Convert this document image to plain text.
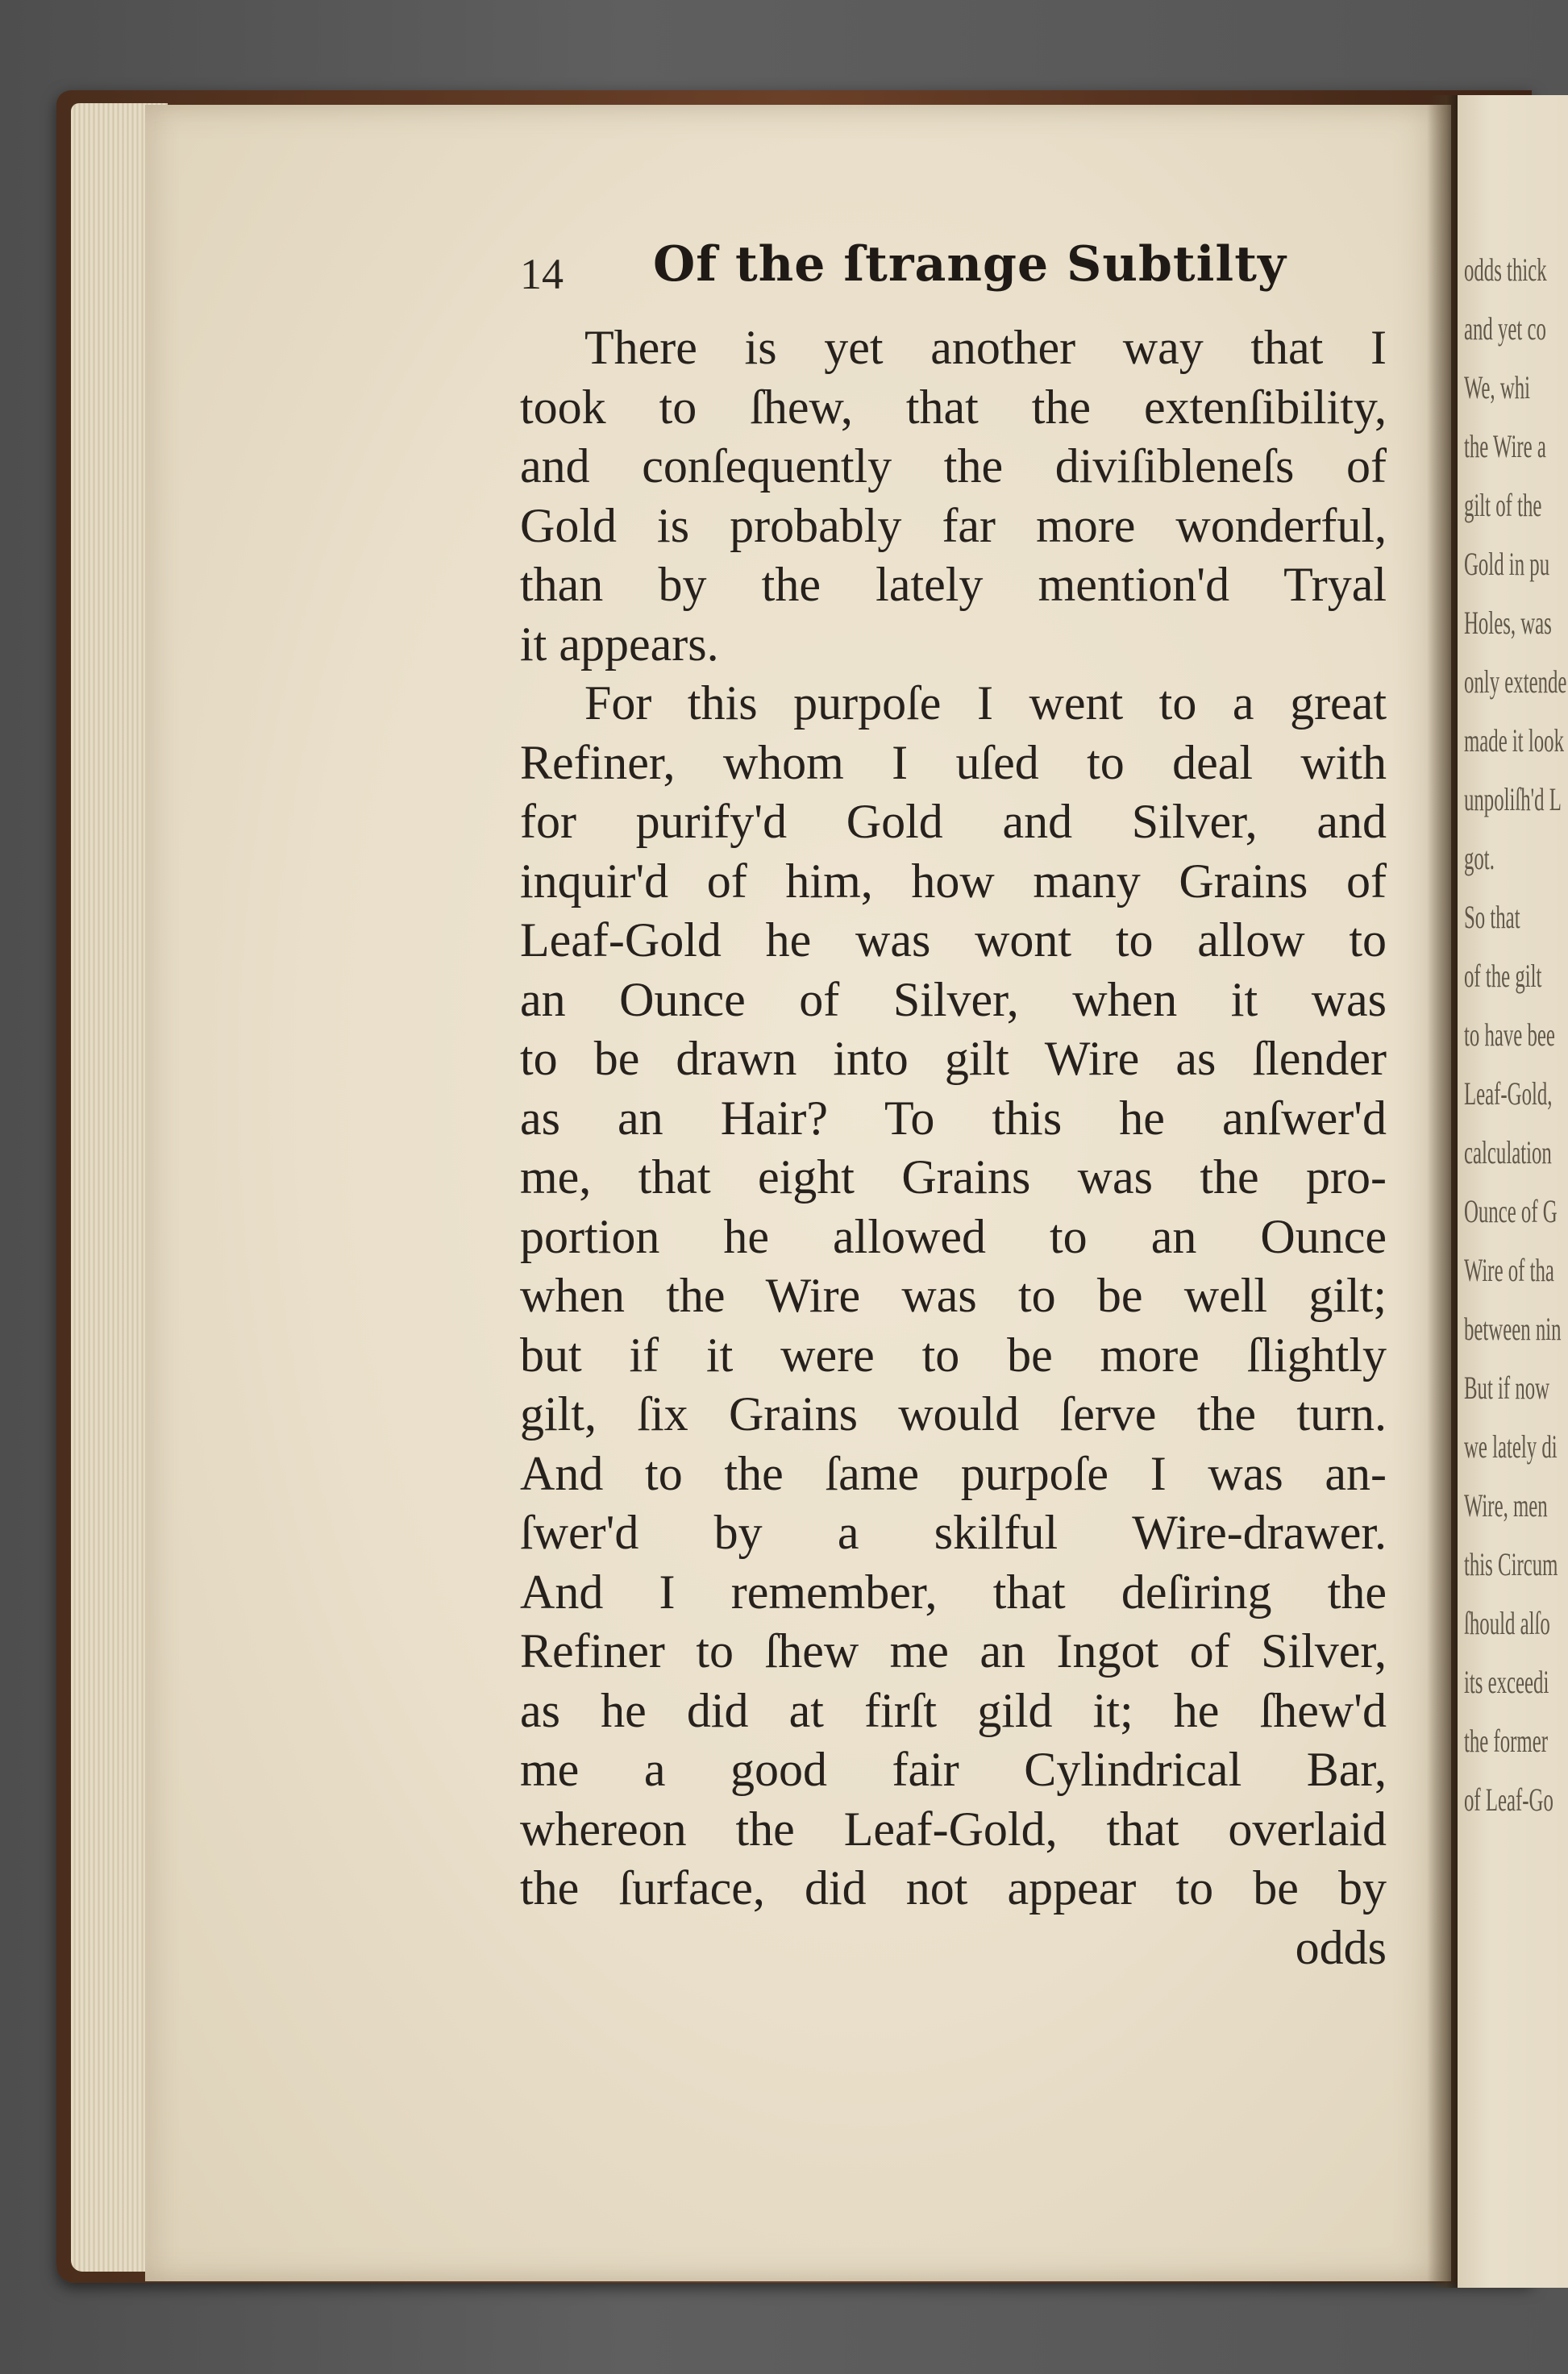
odds thick
and yet co
We, whi
the Wire a
gilt of the
Gold in pu
Holes, was
only extende
made it look
unpoliſh'd L
got.
So that
of the gilt
to have bee
Leaf-Gold,
calculation
Ounce of G
Wire of tha
between nin
But if now
we lately di
Wire, men
this Circum
ſhould alſo
its exceedi
the former
of Leaf-Go
14 Of the ſtrange Subtilty
There is yet another way that I
took to ſhew, that the extenſibility,
and conſequently the diviſibleneſs of
Gold is probably far more wonderful,
than by the lately mention'd Tryal
it appears.
For this purpoſe I went to a great
Refiner, whom I uſed to deal with
for purify'd Gold and Silver, and
inquir'd of him, how many Grains of
Leaf-Gold he was wont to allow to
an Ounce of Silver, when it was
to be drawn into gilt Wire as ſlender
as an Hair? To this he anſwer'd
me, that eight Grains was the pro-
portion he allowed to an Ounce
when the Wire was to be well gilt;
but if it were to be more ſlightly
gilt, ſix Grains would ſerve the turn.
And to the ſame purpoſe I was an-
ſwer'd by a skilful Wire-drawer.
And I remember, that deſiring the
Refiner to ſhew me an Ingot of Silver,
as he did at firſt gild it; he ſhew'd
me a good fair Cylindrical Bar,
whereon the Leaf-Gold, that overlaid
the ſurface, did not appear to be by
odds
